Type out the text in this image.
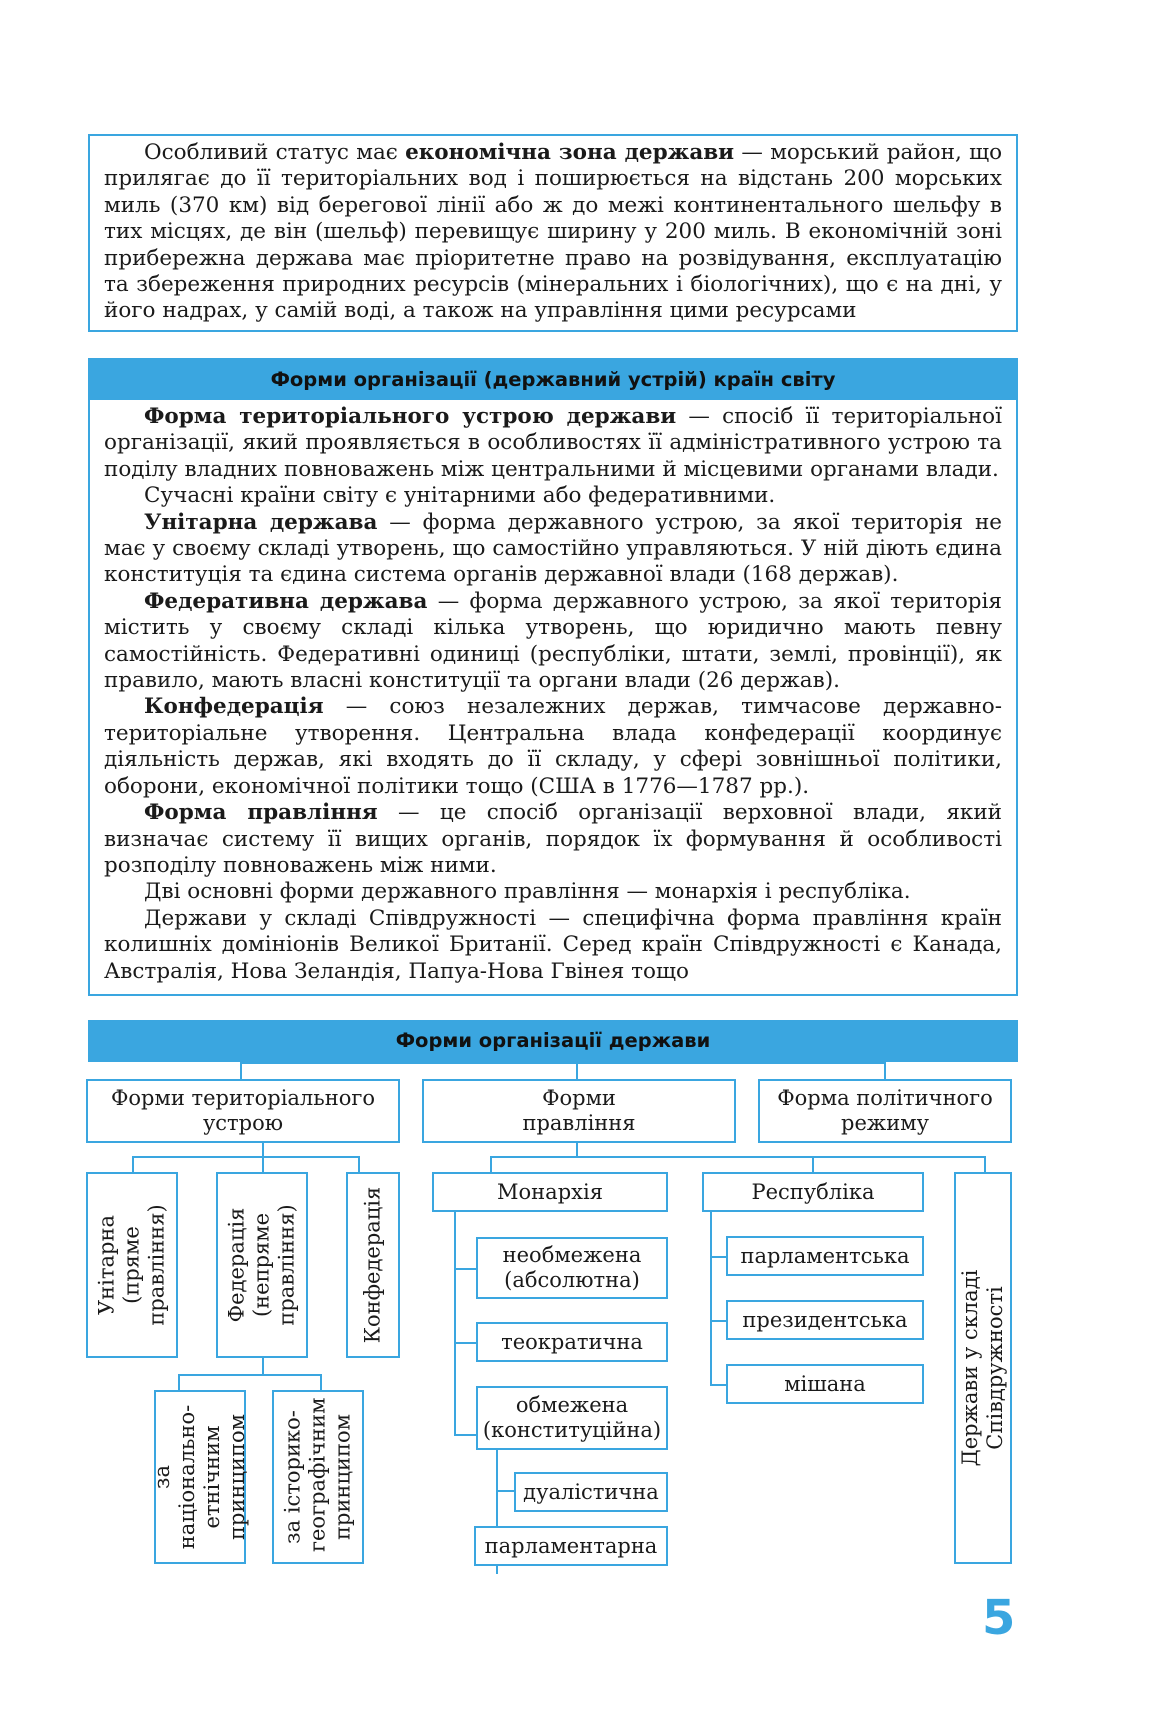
Особливий статус має економічна зона держави — морський район, що прилягає до її територіальних вод і поширюється на відстань 200 морських миль (370 км) від берегової лінії або ж до межі континентального шельфу в тих місцях, де він (шельф) перевищує ширину у 200 миль. В економічній зоні прибережна держава має пріоритетне право на розвідування, експлуатацію та збереження природних ресурсів (мінеральних і біологічних), що є на дні, у його надрах, у самій воді, а також на управління цими ресурсами

Форми організації (державний устрій) країн світу

Форма територіального устрою держави — спосіб її територіальної організації, який проявляється в особливостях її адміністративного устрою та поділу владних повноважень між центральними й місцевими органами влади.

Сучасні країни світу є унітарними або федеративними.

Унітарна держава — форма державного устрою, за якої територія не має у своєму складі утворень, що самостійно управляються. У ній діють єдина конституція та єдина система органів державної влади (168 держав).

Федеративна держава — форма державного устрою, за якої територія містить у своєму складі кілька утворень, що юридично мають певну самостійність. Федеративні одиниці (республіки, штати, землі, провінції), як правило, мають власні конституції та органи влади (26 держав).

Конфедерація — союз незалежних держав, тимчасове державно-територіальне утворення. Центральна влада конфедерації координує діяльність держав, які входять до її складу, у сфері зовнішньої політики, оборони, економічної політики тощо (США в 1776—1787 рр.).

Форма правління — це спосіб організації верховної влади, який визначає систему її вищих органів, порядок їх формування й особливості розподілу повноважень між ними.

Дві основні форми державного правління — монархія і республіка.

Держави у складі Співдружності — специфічна форма правління країн колишніх домініонів Великої Британії. Серед країн Співдружності є Канада, Австралія, Нова Зеландія, Папуа-Нова Гвінея тощо

Форми організації держави
Форми територіального устрою
Форми правління
Форма політичного режиму
Унітарна (пряме правління)	Федерація (непряме правління)	Конфедерація
за національно-етнічним принципом за історико-географічним принципом
Монархія
необмежена (абсолютна)
теократична
обмежена (конституційна)
дуалістична
парламентарна
Республіка
парламентська
президентська
мішана	Держави у складі Співдружності
5
